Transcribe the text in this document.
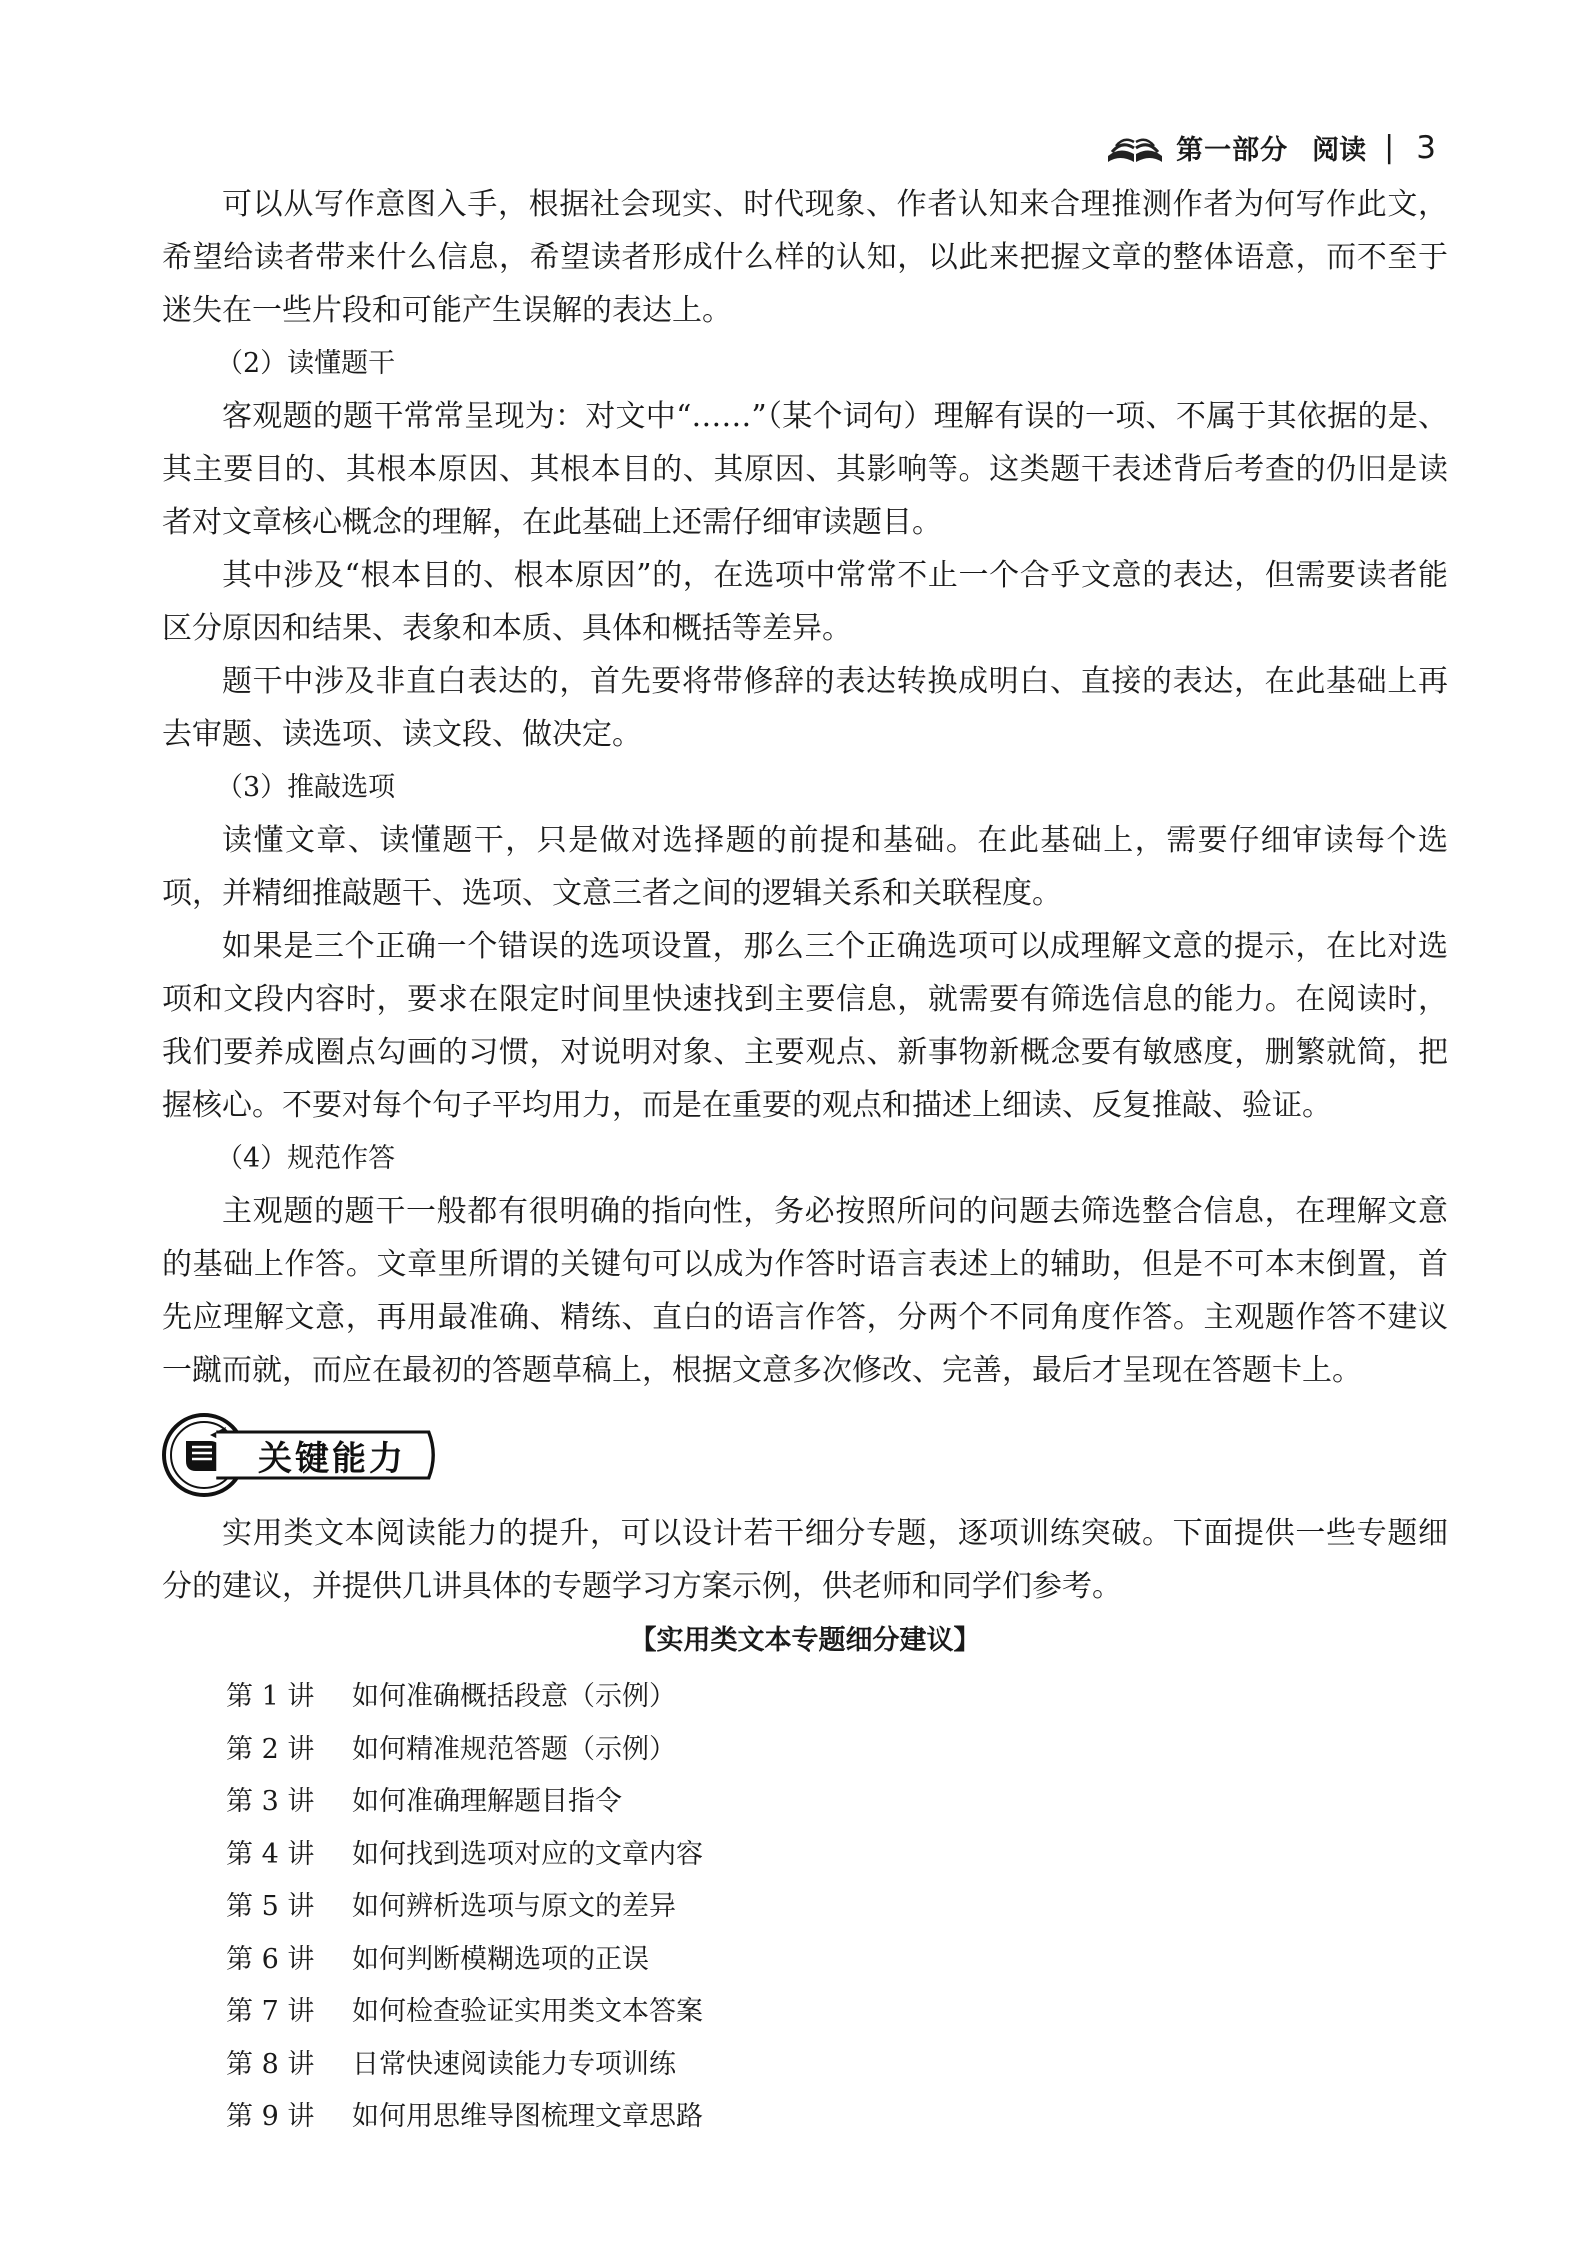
第一部分 阅读 | 3

可以从写作意图入手，根据社会现实、时代现象、作者认知来合理推测作者为何写作此文，希望给读者带来什么信息，希望读者形成什么样的认知，以此来把握文章的整体语意，而不至于迷失在一些片段和可能产生误解的表达上。

（2）读懂题干

客观题的题干常常呈现为：对文中“……”（某个词句）理解有误的一项、不属于其依据的是、其主要目的、其根本原因、其根本目的、其原因、其影响等。这类题干表述背后考查的仍旧是读者对文章核心概念的理解，在此基础上还需仔细审读题目。

其中涉及“根本目的、根本原因”的，在选项中常常不止一个合乎文意的表达，但需要读者能区分原因和结果、表象和本质、具体和概括等差异。

题干中涉及非直白表达的，首先要将带修辞的表达转换成明白、直接的表达，在此基础上再去审题、读选项、读文段、做决定。

（3）推敲选项

读懂文章、读懂题干，只是做对选择题的前提和基础。在此基础上，需要仔细审读每个选项，并精细推敲题干、选项、文意三者之间的逻辑关系和关联程度。

如果是三个正确一个错误的选项设置，那么三个正确选项可以成理解文意的提示，在比对选项和文段内容时，要求在限定时间里快速找到主要信息，就需要有筛选信息的能力。在阅读时，我们要养成圈点勾画的习惯，对说明对象、主要观点、新事物新概念要有敏感度，删繁就简，把握核心。不要对每个句子平均用力，而是在重要的观点和描述上细读、反复推敲、验证。

（4）规范作答

主观题的题干一般都有很明确的指向性，务必按照所问的问题去筛选整合信息，在理解文意的基础上作答。文章里所谓的关键句可以成为作答时语言表述上的辅助，但是不可本末倒置，首先应理解文意，再用最准确、精练、直白的语言作答，分两个不同角度作答。主观题作答不建议一蹴而就，而应在最初的答题草稿上，根据文意多次修改、完善，最后才呈现在答题卡上。

关键能力

实用类文本阅读能力的提升，可以设计若干细分专题，逐项训练突破。下面提供一些专题细分的建议，并提供几讲具体的专题学习方案示例，供老师和同学们参考。

【实用类文本专题细分建议】
第 1 讲	如何准确概括段意（示例）
第 2 讲	如何精准规范答题（示例）
第 3 讲	如何准确理解题目指令
第 4 讲	如何找到选项对应的文章内容
第 5 讲	如何辨析选项与原文的差异
第 6 讲	如何判断模糊选项的正误
第 7 讲	如何检查验证实用类文本答案
第 8 讲	日常快速阅读能力专项训练
第 9 讲	如何用思维导图梳理文章思路
